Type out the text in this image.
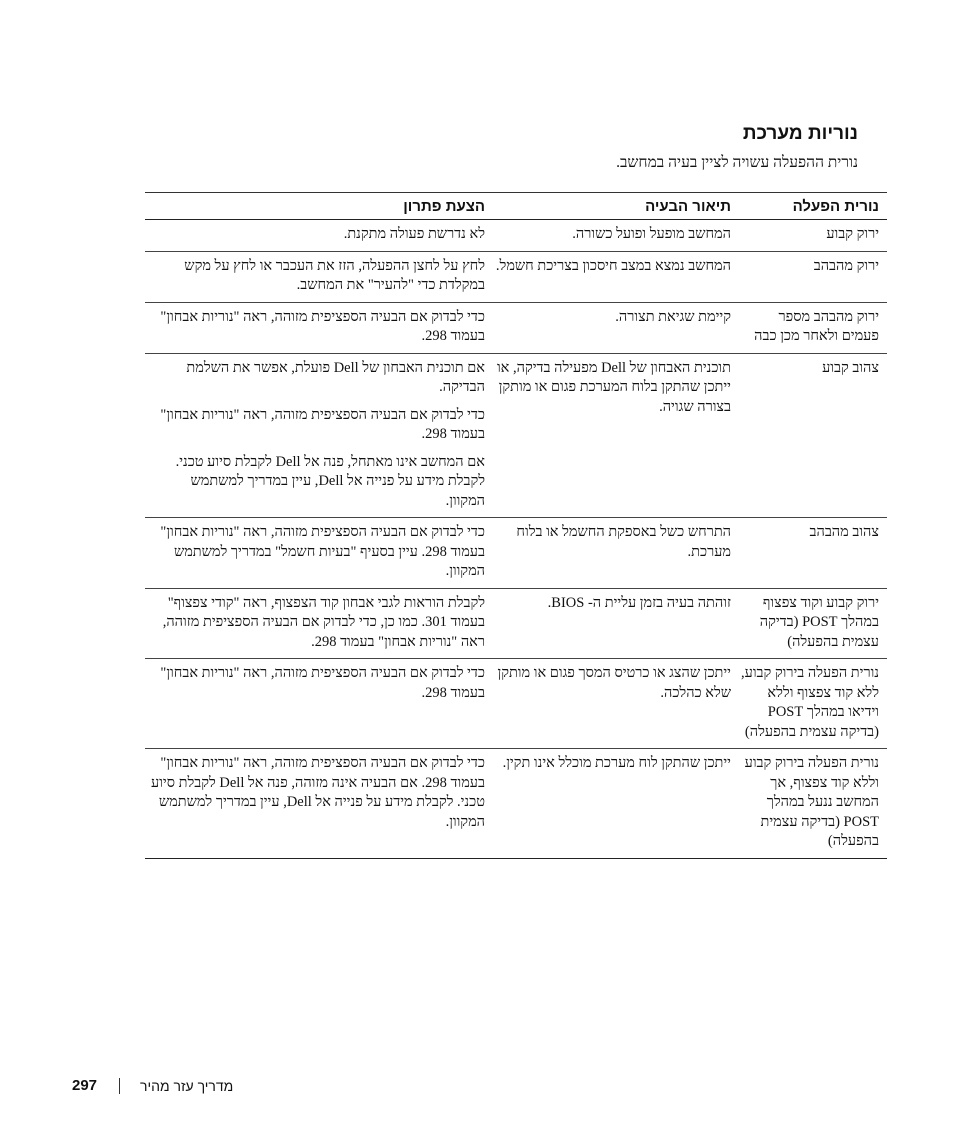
נוריות מערכת

נורית ההפעלה עשויה לציין בעיה במחשב.

נורית הפעלה	תיאור הבעיה	הצעת פתרון
ירוק קבוע	המחשב מופעל ופועל כשורה.	לא נדרשת פעולה מתקנת.

ירוק מהבהב	המחשב נמצא במצב חיסכון בצריכת חשמל.	לחץ על לחצן ההפעלה, הזז את העכבר או לחץ על מקש במקלדת כדי "להעיר" את המחשב.

ירוק מהבהב מספר פעמים ולאחר מכן כבה	קיימת שגיאת תצורה.	כדי לבדוק אם הבעיה הספציפית מזוהה, ראה "נוריות אבחון" בעמוד 298.

צהוב קבוע	תוכנית האבחון של Dell מפעילה בדיקה, או ייתכן שהתקן בלוח המערכת פגום או מותקן בצורה שגויה.	אם תוכנית האבחון של Dell פועלת, אפשר את השלמת הבדיקה.
כדי לבדוק אם הבעיה הספציפית מזוהה, ראה "נוריות אבחון" בעמוד 298.
אם המחשב אינו מאתחל, פנה אל Dell לקבלת סיוע טכני. לקבלת מידע על פנייה אל Dell, עיין במדריך למשתמש המקוון.

צהוב מהבהב	התרחש כשל באספקת החשמל או בלוח מערכת.	כדי לבדוק אם הבעיה הספציפית מזוהה, ראה "נוריות אבחון" בעמוד 298. עיין בסעיף "בעיות חשמל" במדריך למשתמש המקוון.

ירוק קבוע וקוד צפצוף במהלך POST (בדיקה עצמית בהפעלה)	זוהתה בעיה בזמן עליית ה- BIOS.	לקבלת הוראות לגבי אבחון קוד הצפצוף, ראה "קודי צפצוף" בעמוד 301. כמו כן, כדי לבדוק אם הבעיה הספציפית מזוהה, ראה "נוריות אבחון" בעמוד 298.

נורית הפעלה בירוק קבוע, ללא קוד צפצוף וללא וידיאו במהלך POST (בדיקה עצמית בהפעלה)	ייתכן שהצג או כרטיס המסך פגום או מותקן שלא כהלכה.	כדי לבדוק אם הבעיה הספציפית מזוהה, ראה "נוריות אבחון" בעמוד 298.

נורית הפעלה בירוק קבוע וללא קוד צפצוף, אך המחשב ננעל במהלך POST (בדיקה עצמית בהפעלה)	ייתכן שהתקן לוח מערכת מוכלל אינו תקין.	כדי לבדוק אם הבעיה הספציפית מזוהה, ראה "נוריות אבחון" בעמוד 298. אם הבעיה אינה מזוהה, פנה אל Dell לקבלת סיוע טכני. לקבלת מידע על פנייה אל Dell, עיין במדריך למשתמש המקוון.
297	מדריך עזר מהיר
